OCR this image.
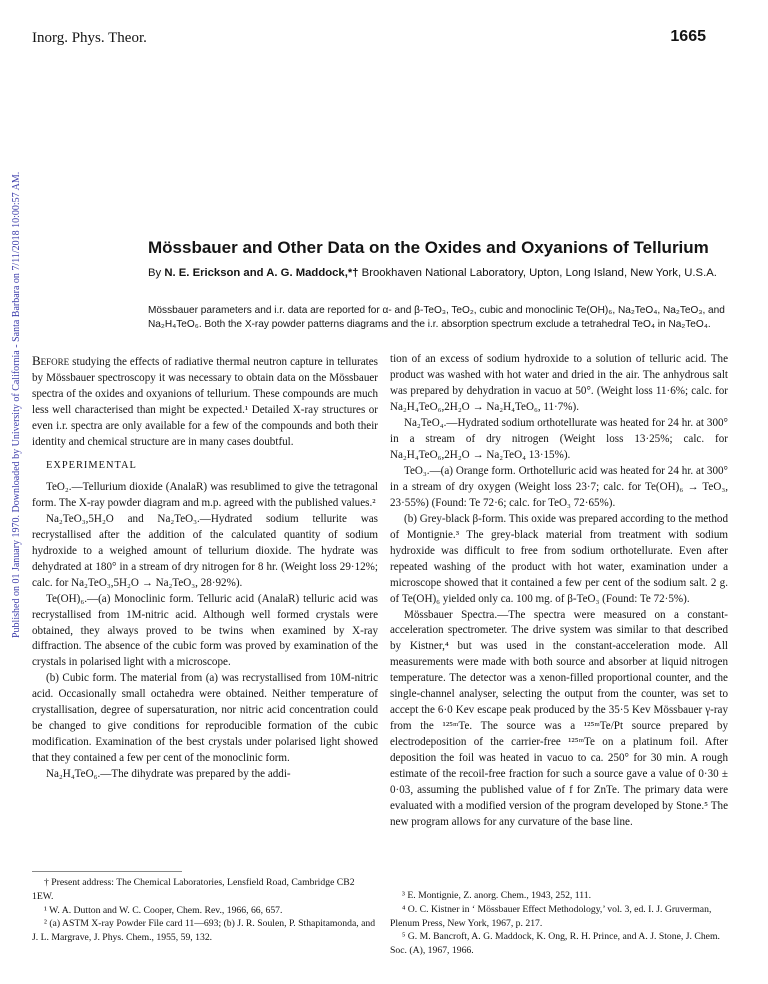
Inorg. Phys. Theor.	1665
Published on 01 January 1970. Downloaded by University of California - Santa Barbara on 7/11/2018 10:00:57 AM.	Mössbauer and Other Data on the Oxides and Oxyanions of Tellurium
By N. E. Erickson and A. G. Maddock,*† Brookhaven National Laboratory, Upton, Long Island, New York, U.S.A.
Mössbauer parameters and i.r. data are reported for α- and β-TeO₃, TeO₂, cubic and monoclinic Te(OH)₆, Na₂TeO₄, Na₂TeO₃, and Na₂H₄TeO₆. Both the X-ray powder patterns diagrams and the i.r. absorption spectrum exclude a tetrahedral TeO₄ in Na₂TeO₄.

Before studying the effects of radiative thermal neutron capture in tellurates by Mössbauer spectroscopy it was necessary to obtain data on the Mössbauer spectra of the oxides and oxyanions of tellurium. These compounds are much less well characterised than might be expected.¹ Detailed X-ray structures or even i.r. spectra are only available for a few of the compounds and both their identity and chemical structure are in many cases doubtful.

EXPERIMENTAL

TeO₂.—Tellurium dioxide (AnalaR) was resublimed to give the tetragonal form. The X-ray powder diagram and m.p. agreed with the published values.²

Na₂TeO₃,5H₂O and Na₂TeO₃.—Hydrated sodium tellurite was recrystallised after the addition of the calculated quantity of sodium hydroxide to a weighed amount of tellurium dioxide. The hydrate was dehydrated at 180° in a stream of dry nitrogen for 8 hr. (Weight loss 29·12%; calc. for Na₂TeO₃,5H₂O → Na₂TeO₃, 28·92%).

Te(OH)₆.—(a) Monoclinic form. Telluric acid (AnalaR) telluric acid was recrystallised from 1M-nitric acid. Although well formed crystals were obtained, they always proved to be twins when examined by X-ray diffraction. The absence of the cubic form was proved by examination of the crystals in polarised light with a microscope.

(b) Cubic form. The material from (a) was recrystallised from 10M-nitric acid. Occasionally small octahedra were obtained. Neither temperature of crystallisation, degree of supersaturation, nor nitric acid concentration could be changed to give conditions for reproducible formation of the cubic modification. Examination of the best crystals under polarised light showed that they contained a few per cent of the monoclinic form.

Na₂H₄TeO₆.—The dihydrate was prepared by the addi-

tion of an excess of sodium hydroxide to a solution of telluric acid. The product was washed with hot water and dried in the air. The anhydrous salt was prepared by dehydration in vacuo at 50°. (Weight loss 11·6%; calc. for Na₂H₄TeO₆,2H₂O → Na₂H₄TeO₆, 11·7%).

Na₂TeO₄.—Hydrated sodium orthotellurate was heated for 24 hr. at 300° in a stream of dry nitrogen (Weight loss 13·25%; calc. for Na₂H₄TeO₆,2H₂O → Na₂TeO₄ 13·15%).

TeO₃.—(a) Orange form. Orthotelluric acid was heated for 24 hr. at 300° in a stream of dry oxygen (Weight loss 23·7; calc. for Te(OH)₆ → TeO₃, 23·55%) (Found: Te 72·6; calc. for TeO₃ 72·65%).

(b) Grey-black β-form. This oxide was prepared according to the method of Montignie.³ The grey-black material from treatment with sodium hydroxide was difficult to free from sodium orthotellurate. Even after repeated washing of the product with hot water, examination under a microscope showed that it contained a few per cent of the sodium salt. 2 g. of Te(OH)₆ yielded only ca. 100 mg. of β-TeO₃ (Found: Te 72·5%).

Mössbauer Spectra.—The spectra were measured on a constant-acceleration spectrometer. The drive system was similar to that described by Kistner,⁴ but was used in the constant-acceleration mode. All measurements were made with both source and absorber at liquid nitrogen temperature. The detector was a xenon-filled proportional counter, and the single-channel analyser, selecting the output from the counter, was set to accept the 6·0 Kev escape peak produced by the 35·5 Kev Mössbauer γ-ray from the ¹²⁵ᵐTe. The source was a ¹²⁵ᵐTe/Pt source prepared by electrodeposition of the carrier-free ¹²⁵ᵐTe on a platinum foil. After deposition the foil was heated in vacuo to ca. 250° for 30 min. A rough estimate of the recoil-free fraction for such a source gave a value of 0·30 ± 0·03, assuming the published value of f for ZnTe. The primary data were evaluated with a modified version of the program developed by Stone.⁵ The new program allows for any curvature of the base line.

† Present address: The Chemical Laboratories, Lensfield Road, Cambridge CB2 1EW.

¹ W. A. Dutton and W. C. Cooper, Chem. Rev., 1966, 66, 657.

² (a) ASTM X-ray Powder File card 11—693; (b) J. R. Soulen, P. Sthapitamonda, and J. L. Margrave, J. Phys. Chem., 1955, 59, 132.

³ E. Montignie, Z. anorg. Chem., 1943, 252, 111.

⁴ O. C. Kistner in ‘ Mössbauer Effect Methodology,’ vol. 3, ed. I. J. Gruverman, Plenum Press, New York, 1967, p. 217.

⁵ G. M. Bancroft, A. G. Maddock, K. Ong, R. H. Prince, and A. J. Stone, J. Chem. Soc. (A), 1967, 1966.
